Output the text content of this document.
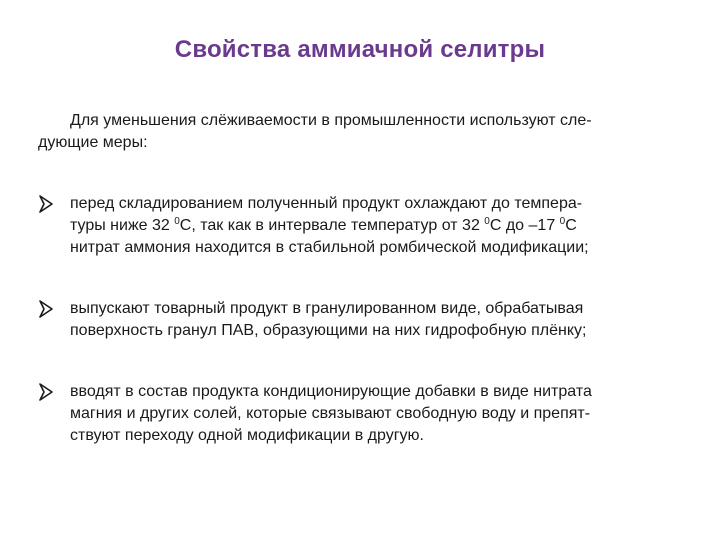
Свойства аммиачной селитры
Для уменьшения слёживаемости в промышленности используют сле-
дующие меры:
перед складированием полученный продукт охлаждают до темпера-
туры ниже 32 $^0$С, так как в интервале температур от 32 $^0$С до –17 $^0$С
нитрат аммония находится в стабильной ромбической модификации;
выпускают товарный продукт в гранулированном виде, обрабатывая
поверхность гранул ПАВ, образующими на них гидрофобную плёнку;
вводят в состав продукта кондиционирующие добавки в виде нитрата
магния и других солей, которые связывают свободную воду и препят-
ствуют переходу одной модификации в другую.
